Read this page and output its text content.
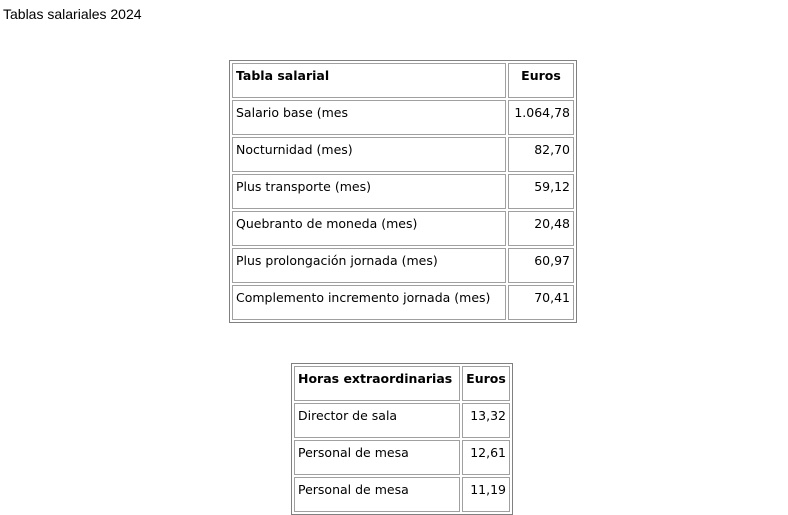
Tablas salariales 2024
Tabla salarial	Euros
Salario base (mes	1.064,78
Nocturnidad (mes)	82,70
Plus transporte (mes)	59,12
Quebranto de moneda (mes)	20,48
Plus prolongación jornada (mes)	60,97
Complemento incremento jornada (mes)	70,41
Horas extraordinarias	Euros
Director de sala	13,32
Personal de mesa	12,61
Personal de mesa	11,19
